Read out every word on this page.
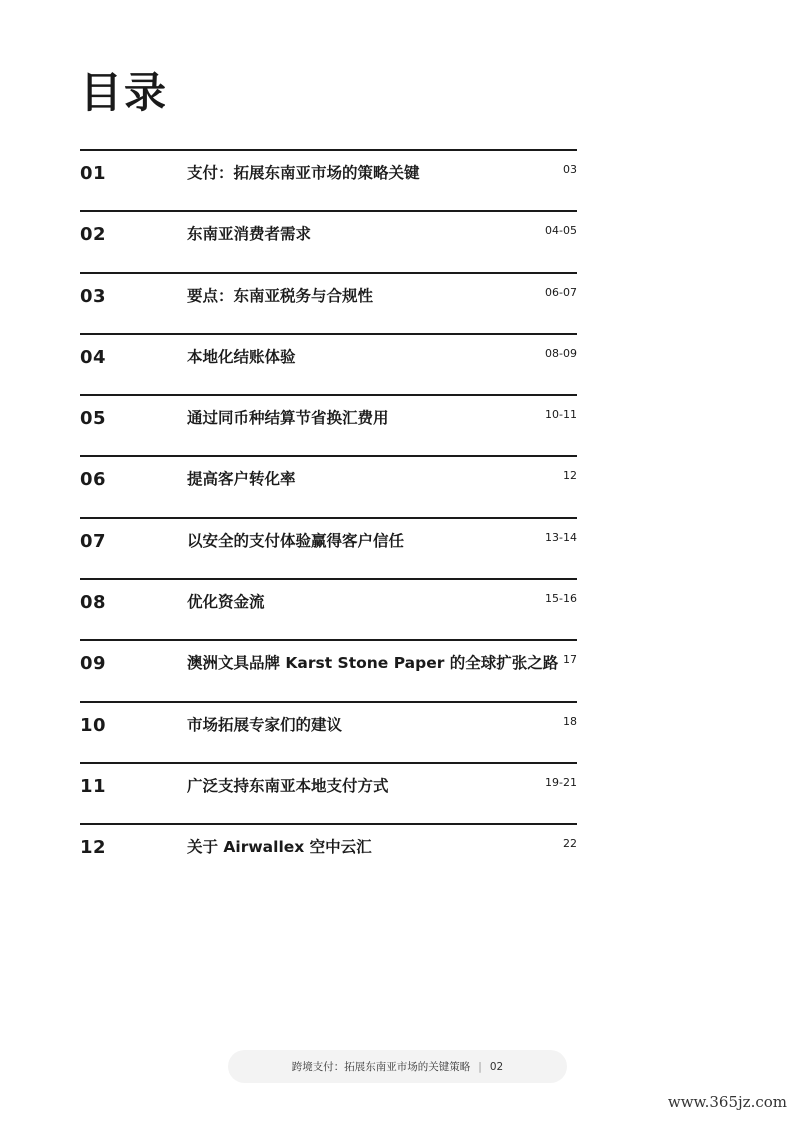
目录
01	支付：拓展东南亚市场的策略关键	03
02	东南亚消费者需求	04-05
03	要点：东南亚税务与合规性	06-07
04	本地化结账体验	08-09
05	通过同币种结算节省换汇费用	10-11
06	提高客户转化率	12
07	以安全的支付体验赢得客户信任	13-14
08	优化资金流	15-16
09	澳洲文具品牌 Karst Stone Paper 的全球扩张之路 17
10	市场拓展专家们的建议	18
11	广泛支持东南亚本地支付方式	19-21
12	关于 Airwallex 空中云汇	22
跨境支付：拓展东南亚市场的关键策略 | 02
www.365jz.com
